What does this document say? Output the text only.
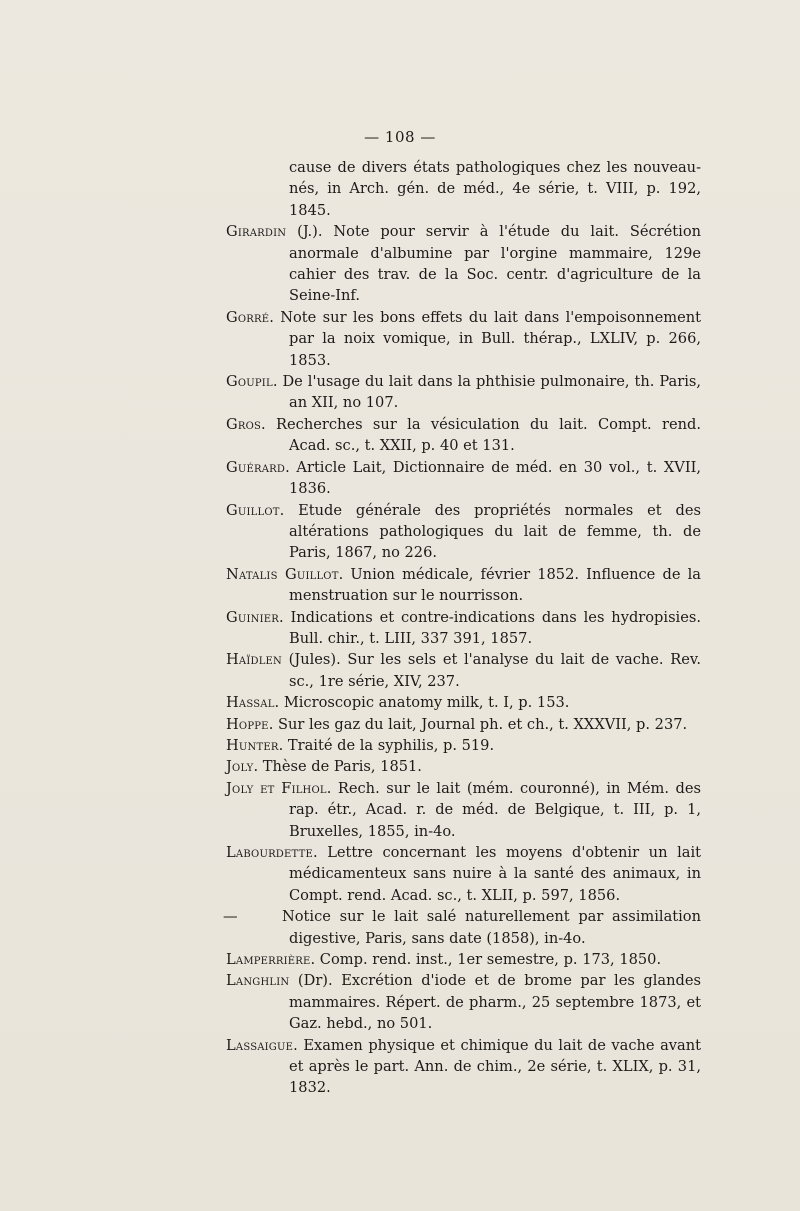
— 108 —
cause de divers états pathologiques chez les nouveau-nés, in Arch. gén. de méd., 4e série, t. VIII, p. 192, 1845.
Girardin (J.). Note pour servir à l'étude du lait. Sécrétion anormale d'albumine par l'orgine mammaire, 129e cahier des trav. de la Soc. centr. d'agriculture de la Seine-Inf.
Gorré. Note sur les bons effets du lait dans l'empoisonnement par la noix vomique, in Bull. thérap., LXLIV, p. 266, 1853.
Goupil. De l'usage du lait dans la phthisie pulmonaire, th. Paris, an XII, no 107.
Gros. Recherches sur la vésiculation du lait. Compt. rend. Acad. sc., t. XXII, p. 40 et 131.
Guérard. Article Lait, Dictionnaire de méd. en 30 vol., t. XVII, 1836.
Guillot. Etude générale des propriétés normales et des altérations pathologiques du lait de femme, th. de Paris, 1867, no 226.
Natalis Guillot. Union médicale, février 1852. Influence de la menstruation sur le nourrisson.
Guinier. Indications et contre-indications dans les hydropisies. Bull. chir., t. LIII, 337 391, 1857.
Haïdlen (Jules). Sur les sels et l'analyse du lait de vache. Rev. sc., 1re série, XIV, 237.
Hassal. Microscopic anatomy milk, t. I, p. 153.
Hoppe. Sur les gaz du lait, Journal ph. et ch., t. XXXVII, p. 237.
Hunter. Traité de la syphilis, p. 519.
Joly. Thèse de Paris, 1851.
Joly et Filhol. Rech. sur le lait (mém. couronné), in Mém. des rap. étr., Acad. r. de méd. de Belgique, t. III, p. 1, Bruxelles, 1855, in-4o.
Labourdette. Lettre concernant les moyens d'obtenir un lait médicamenteux sans nuire à la santé des animaux, in Compt. rend. Acad. sc., t. XLII, p. 597, 1856.
—	Notice sur le lait salé naturellement par assimilation digestive, Paris, sans date (1858), in-4o.
Lamperrière. Comp. rend. inst., 1er semestre, p. 173, 1850.
Langhlin (Dr). Excrétion d'iode et de brome par les glandes mammaires. Répert. de pharm., 25 septembre 1873, et Gaz. hebd., no 501.
Lassaigue. Examen physique et chimique du lait de vache avant et après le part. Ann. de chim., 2e série, t. XLIX, p. 31, 1832.
